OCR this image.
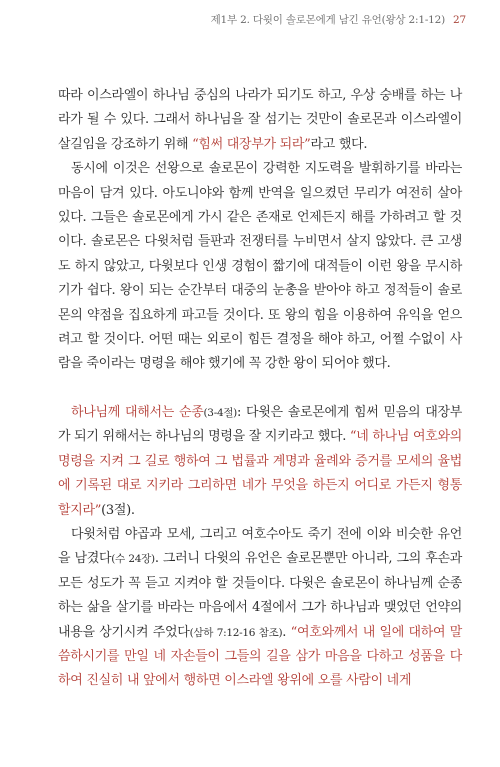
제1부 2. 다윗이 솔로몬에게 남긴 유언(왕상 2:1-12) 27

따라 이스라엘이 하나님 중심의 나라가 되기도 하고, 우상 숭배를 하는 나라가 될 수 있다. 그래서 하나님을 잘 섬기는 것만이 솔로몬과 이스라엘이 살길임을 강조하기 위해 “힘써 대장부가 되라”라고 했다.

동시에 이것은 선왕으로 솔로몬이 강력한 지도력을 발휘하기를 바라는 마음이 담겨 있다. 아도니야와 함께 반역을 일으켰던 무리가 여전히 살아 있다. 그들은 솔로몬에게 가시 같은 존재로 언제든지 해를 가하려고 할 것이다. 솔로몬은 다윗처럼 들판과 전쟁터를 누비면서 살지 않았다. 큰 고생도 하지 않았고, 다윗보다 인생 경험이 짧기에 대적들이 이런 왕을 무시하기가 쉽다. 왕이 되는 순간부터 대중의 눈총을 받아야 하고 정적들이 솔로몬의 약점을 집요하게 파고들 것이다. 또 왕의 힘을 이용하여 유익을 얻으려고 할 것이다. 어떤 때는 외로이 힘든 결정을 해야 하고, 어쩔 수없이 사람을 죽이라는 명령을 해야 했기에 꼭 강한 왕이 되어야 했다.

하나님께 대해서는 순종(3-4절): 다윗은 솔로몬에게 힘써 믿음의 대장부가 되기 위해서는 하나님의 명령을 잘 지키라고 했다. “네 하나님 여호와의 명령을 지켜 그 길로 행하여 그 법률과 계명과 율례와 증거를 모세의 율법에 기록된 대로 지키라 그리하면 네가 무엇을 하든지 어디로 가든지 형통할지라”(3절).

다윗처럼 야곱과 모세, 그리고 여호수아도 죽기 전에 이와 비슷한 유언을 남겼다(수 24장). 그러니 다윗의 유언은 솔로몬뿐만 아니라, 그의 후손과 모든 성도가 꼭 듣고 지켜야 할 것들이다. 다윗은 솔로몬이 하나님께 순종하는 삶을 살기를 바라는 마음에서 4절에서 그가 하나님과 맺었던 언약의 내용을 상기시켜 주었다(삼하 7:12-16 참조). “여호와께서 내 일에 대하여 말씀하시기를 만일 네 자손들이 그들의 길을 삼가 마음을 다하고 성품을 다하여 진실히 내 앞에서 행하면 이스라엘 왕위에 오를 사람이 네게
